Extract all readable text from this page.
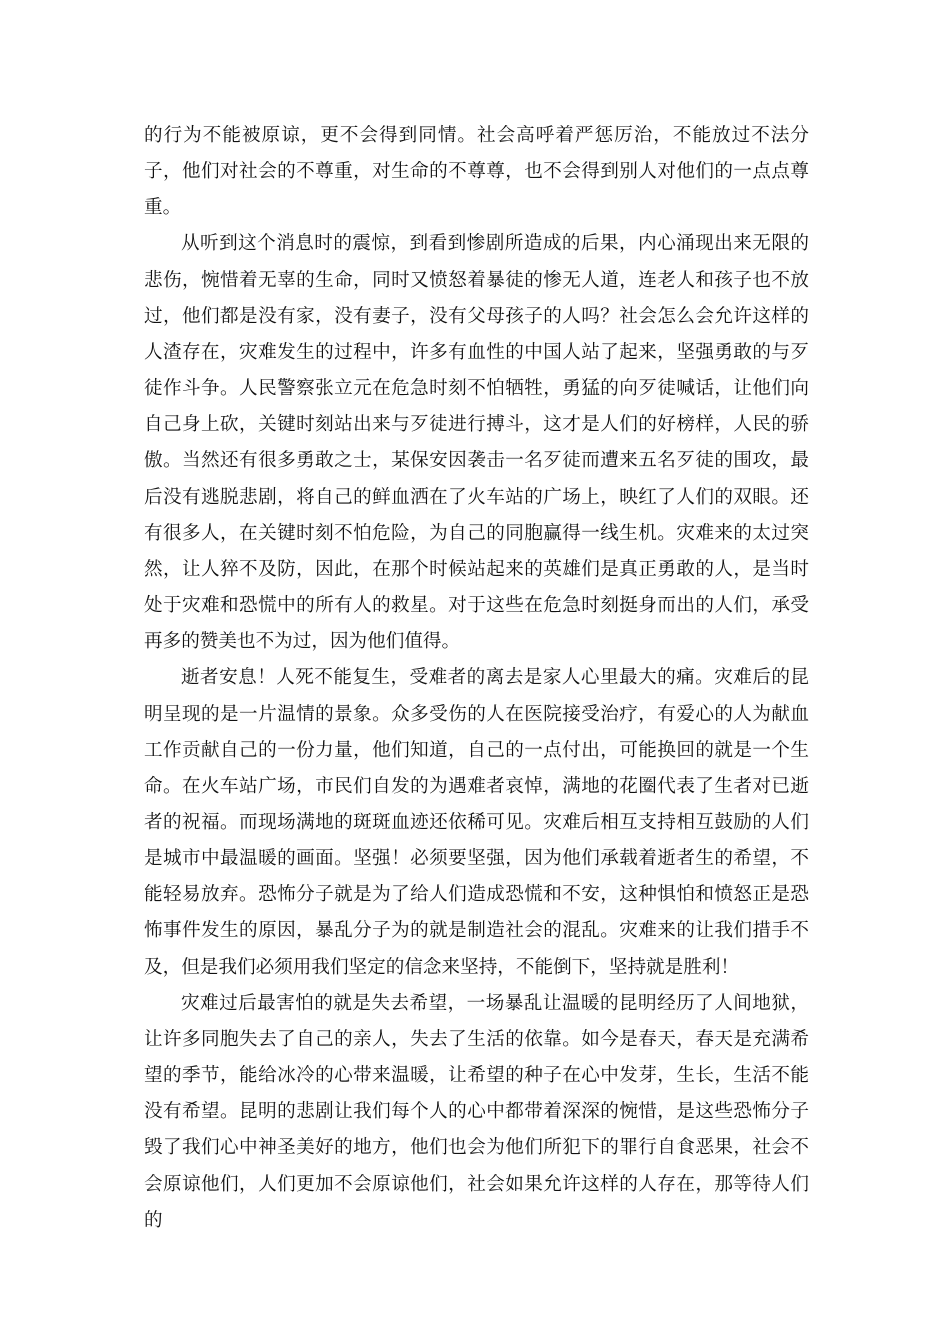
的行为不能被原谅，更不会得到同情。社会高呼着严惩厉治，不能放过不法分子，他们对社会的不尊重，对生命的不尊尊，也不会得到别人对他们的一点点尊重。

从听到这个消息时的震惊，到看到惨剧所造成的后果，内心涌现出来无限的悲伤，惋惜着无辜的生命，同时又愤怒着暴徒的惨无人道，连老人和孩子也不放过，他们都是没有家，没有妻子，没有父母孩子的人吗？社会怎么会允许这样的人渣存在，灾难发生的过程中，许多有血性的中国人站了起来，坚强勇敢的与歹徒作斗争。人民警察张立元在危急时刻不怕牺牲，勇猛的向歹徒喊话，让他们向自己身上砍，关键时刻站出来与歹徒进行搏斗，这才是人们的好榜样，人民的骄傲。当然还有很多勇敢之士，某保安因袭击一名歹徒而遭来五名歹徒的围攻，最后没有逃脱悲剧，将自己的鲜血洒在了火车站的广场上，映红了人们的双眼。还有很多人，在关键时刻不怕危险，为自己的同胞赢得一线生机。灾难来的太过突然，让人猝不及防，因此，在那个时候站起来的英雄们是真正勇敢的人，是当时处于灾难和恐慌中的所有人的救星。对于这些在危急时刻挺身而出的人们，承受再多的赞美也不为过，因为他们值得。

逝者安息！人死不能复生，受难者的离去是家人心里最大的痛。灾难后的昆明呈现的是一片温情的景象。众多受伤的人在医院接受治疗，有爱心的人为献血工作贡献自己的一份力量，他们知道，自己的一点付出，可能换回的就是一个生命。在火车站广场，市民们自发的为遇难者哀悼，满地的花圈代表了生者对已逝者的祝福。而现场满地的斑斑血迹还依稀可见。灾难后相互支持相互鼓励的人们是城市中最温暖的画面。坚强！必须要坚强，因为他们承载着逝者生的希望，不能轻易放弃。恐怖分子就是为了给人们造成恐慌和不安，这种惧怕和愤怒正是恐怖事件发生的原因，暴乱分子为的就是制造社会的混乱。灾难来的让我们措手不及，但是我们必须用我们坚定的信念来坚持，不能倒下，坚持就是胜利！

灾难过后最害怕的就是失去希望，一场暴乱让温暖的昆明经历了人间地狱，让许多同胞失去了自己的亲人，失去了生活的依靠。如今是春天，春天是充满希望的季节，能给冰冷的心带来温暖，让希望的种子在心中发芽，生长，生活不能没有希望。昆明的悲剧让我们每个人的心中都带着深深的惋惜，是这些恐怖分子毁了我们心中神圣美好的地方，他们也会为他们所犯下的罪行自食恶果，社会不会原谅他们，人们更加不会原谅他们，社会如果允许这样的人存在，那等待人们的
